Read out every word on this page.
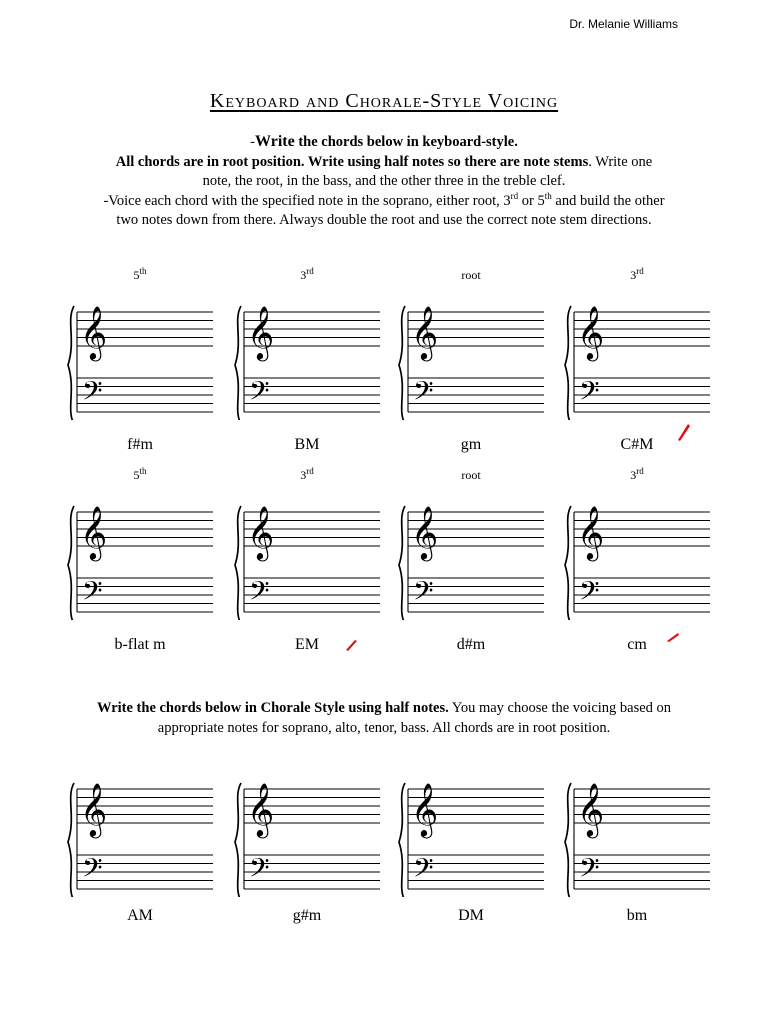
Dr. Melanie Williams
Keyboard and Chorale-Style Voicing
-Write the chords below in keyboard-style.
All chords are in root position. Write using half notes so there are note stems. Write one note, the root, in the bass, and the other three in the treble clef.
-Voice each chord with the specified note in the soprano, either root, 3rd or 5th and build the other two notes down from there. Always double the root and use the correct note stem directions.
5th
𝄞
𝄢
f#m
3rd
𝄞
𝄢
BM
root
𝄞
𝄢
gm
3rd
𝄞
𝄢
C#M
5th
𝄞
𝄢
b-flat m
3rd
𝄞
𝄢
EM
root
𝄞
𝄢
d#m
3rd
𝄞
𝄢
cm
Write the chords below in Chorale Style using half notes. You may choose the voicing based on appropriate notes for soprano, alto, tenor, bass. All chords are in root position.
𝄞
𝄢
AM
𝄞
𝄢
g#m
𝄞
𝄢
DM
𝄞
𝄢
bm
